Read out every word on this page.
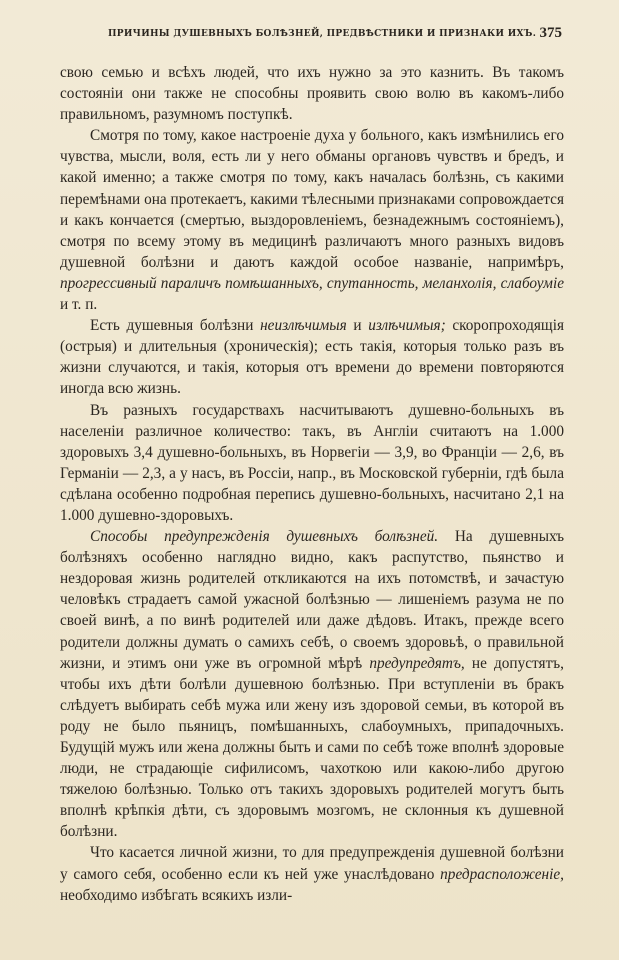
ПРИЧИНЫ ДУШЕВНЫХЪ БОЛѢЗНЕЙ, ПРЕДВѢСТНИКИ И ПРИЗНАКИ ИХЪ. 375

свою семью и всѣхъ людей, что ихъ нужно за это казнить. Въ такомъ состояніи они также не способны проявить свою волю въ какомъ-либо правильномъ, разумномъ поступкѣ.

Смотря по тому, какое настроеніе духа у больного, какъ измѣнились его чувства, мысли, воля, есть ли у него обманы органовъ чувствъ и бредъ, и какой именно; а также смотря по тому, какъ началась болѣзнь, съ какими перемѣнами она протекаетъ, какими тѣлесными признаками сопровождается и какъ кончается (смертью, выздоровленіемъ, безнадежнымъ состояніемъ), смотря по всему этому въ медицинѣ различаютъ много разныхъ видовъ душевной болѣзни и даютъ каждой особое названіе, напримѣръ, прогрессивный параличъ помѣшанныхъ, спутанность, меланхолія, слабоуміе и т. п.

Есть душевныя болѣзни неизлѣчимыя и излѣчимыя; скоропроходящія (острыя) и длительныя (хроническія); есть такія, которыя только разъ въ жизни случаются, и такія, которыя отъ времени до времени повторяются иногда всю жизнь.

Въ разныхъ государствахъ насчитываютъ душевно-больныхъ въ населеніи различное количество: такъ, въ Англіи считаютъ на 1.000 здоровыхъ 3,4 душевно-больныхъ, въ Норвегіи — 3,9, во Франціи — 2,6, въ Германіи — 2,3, а у насъ, въ Россіи, напр., въ Московской губерніи, гдѣ была сдѣлана особенно подробная перепись душевно-больныхъ, насчитано 2,1 на 1.000 душевно-здоровыхъ.

Способы предупрежденія душевныхъ болѣзней. На душевныхъ болѣзняхъ особенно наглядно видно, какъ распутство, пьянство и нездоровая жизнь родителей откликаются на ихъ потомствѣ, и зачастую человѣкъ страдаетъ самой ужасной болѣзнью — лишеніемъ разума не по своей винѣ, а по винѣ родителей или даже дѣдовъ. Итакъ, прежде всего родители должны думать о самихъ себѣ, о своемъ здоровьѣ, о правильной жизни, и этимъ они уже въ огромной мѣрѣ предупредятъ, не допустятъ, чтобы ихъ дѣти болѣли душевною болѣзнью. При вступленіи въ бракъ слѣдуетъ выбирать себѣ мужа или жену изъ здоровой семьи, въ которой въ роду не было пьяницъ, помѣшанныхъ, слабоумныхъ, припадочныхъ. Будущій мужъ или жена должны быть и сами по себѣ тоже вполнѣ здоровые люди, не страдающіе сифилисомъ, чахоткою или какою-либо другою тяжелою болѣзнью. Только отъ такихъ здоровыхъ родителей могутъ быть вполнѣ крѣпкія дѣти, съ здоровымъ мозгомъ, не склонныя къ душевной болѣзни.

Что касается личной жизни, то для предупрежденія душевной болѣзни у самого себя, особенно если къ ней уже унаслѣдовано предрасположеніе, необходимо избѣгать всякихъ изли-
